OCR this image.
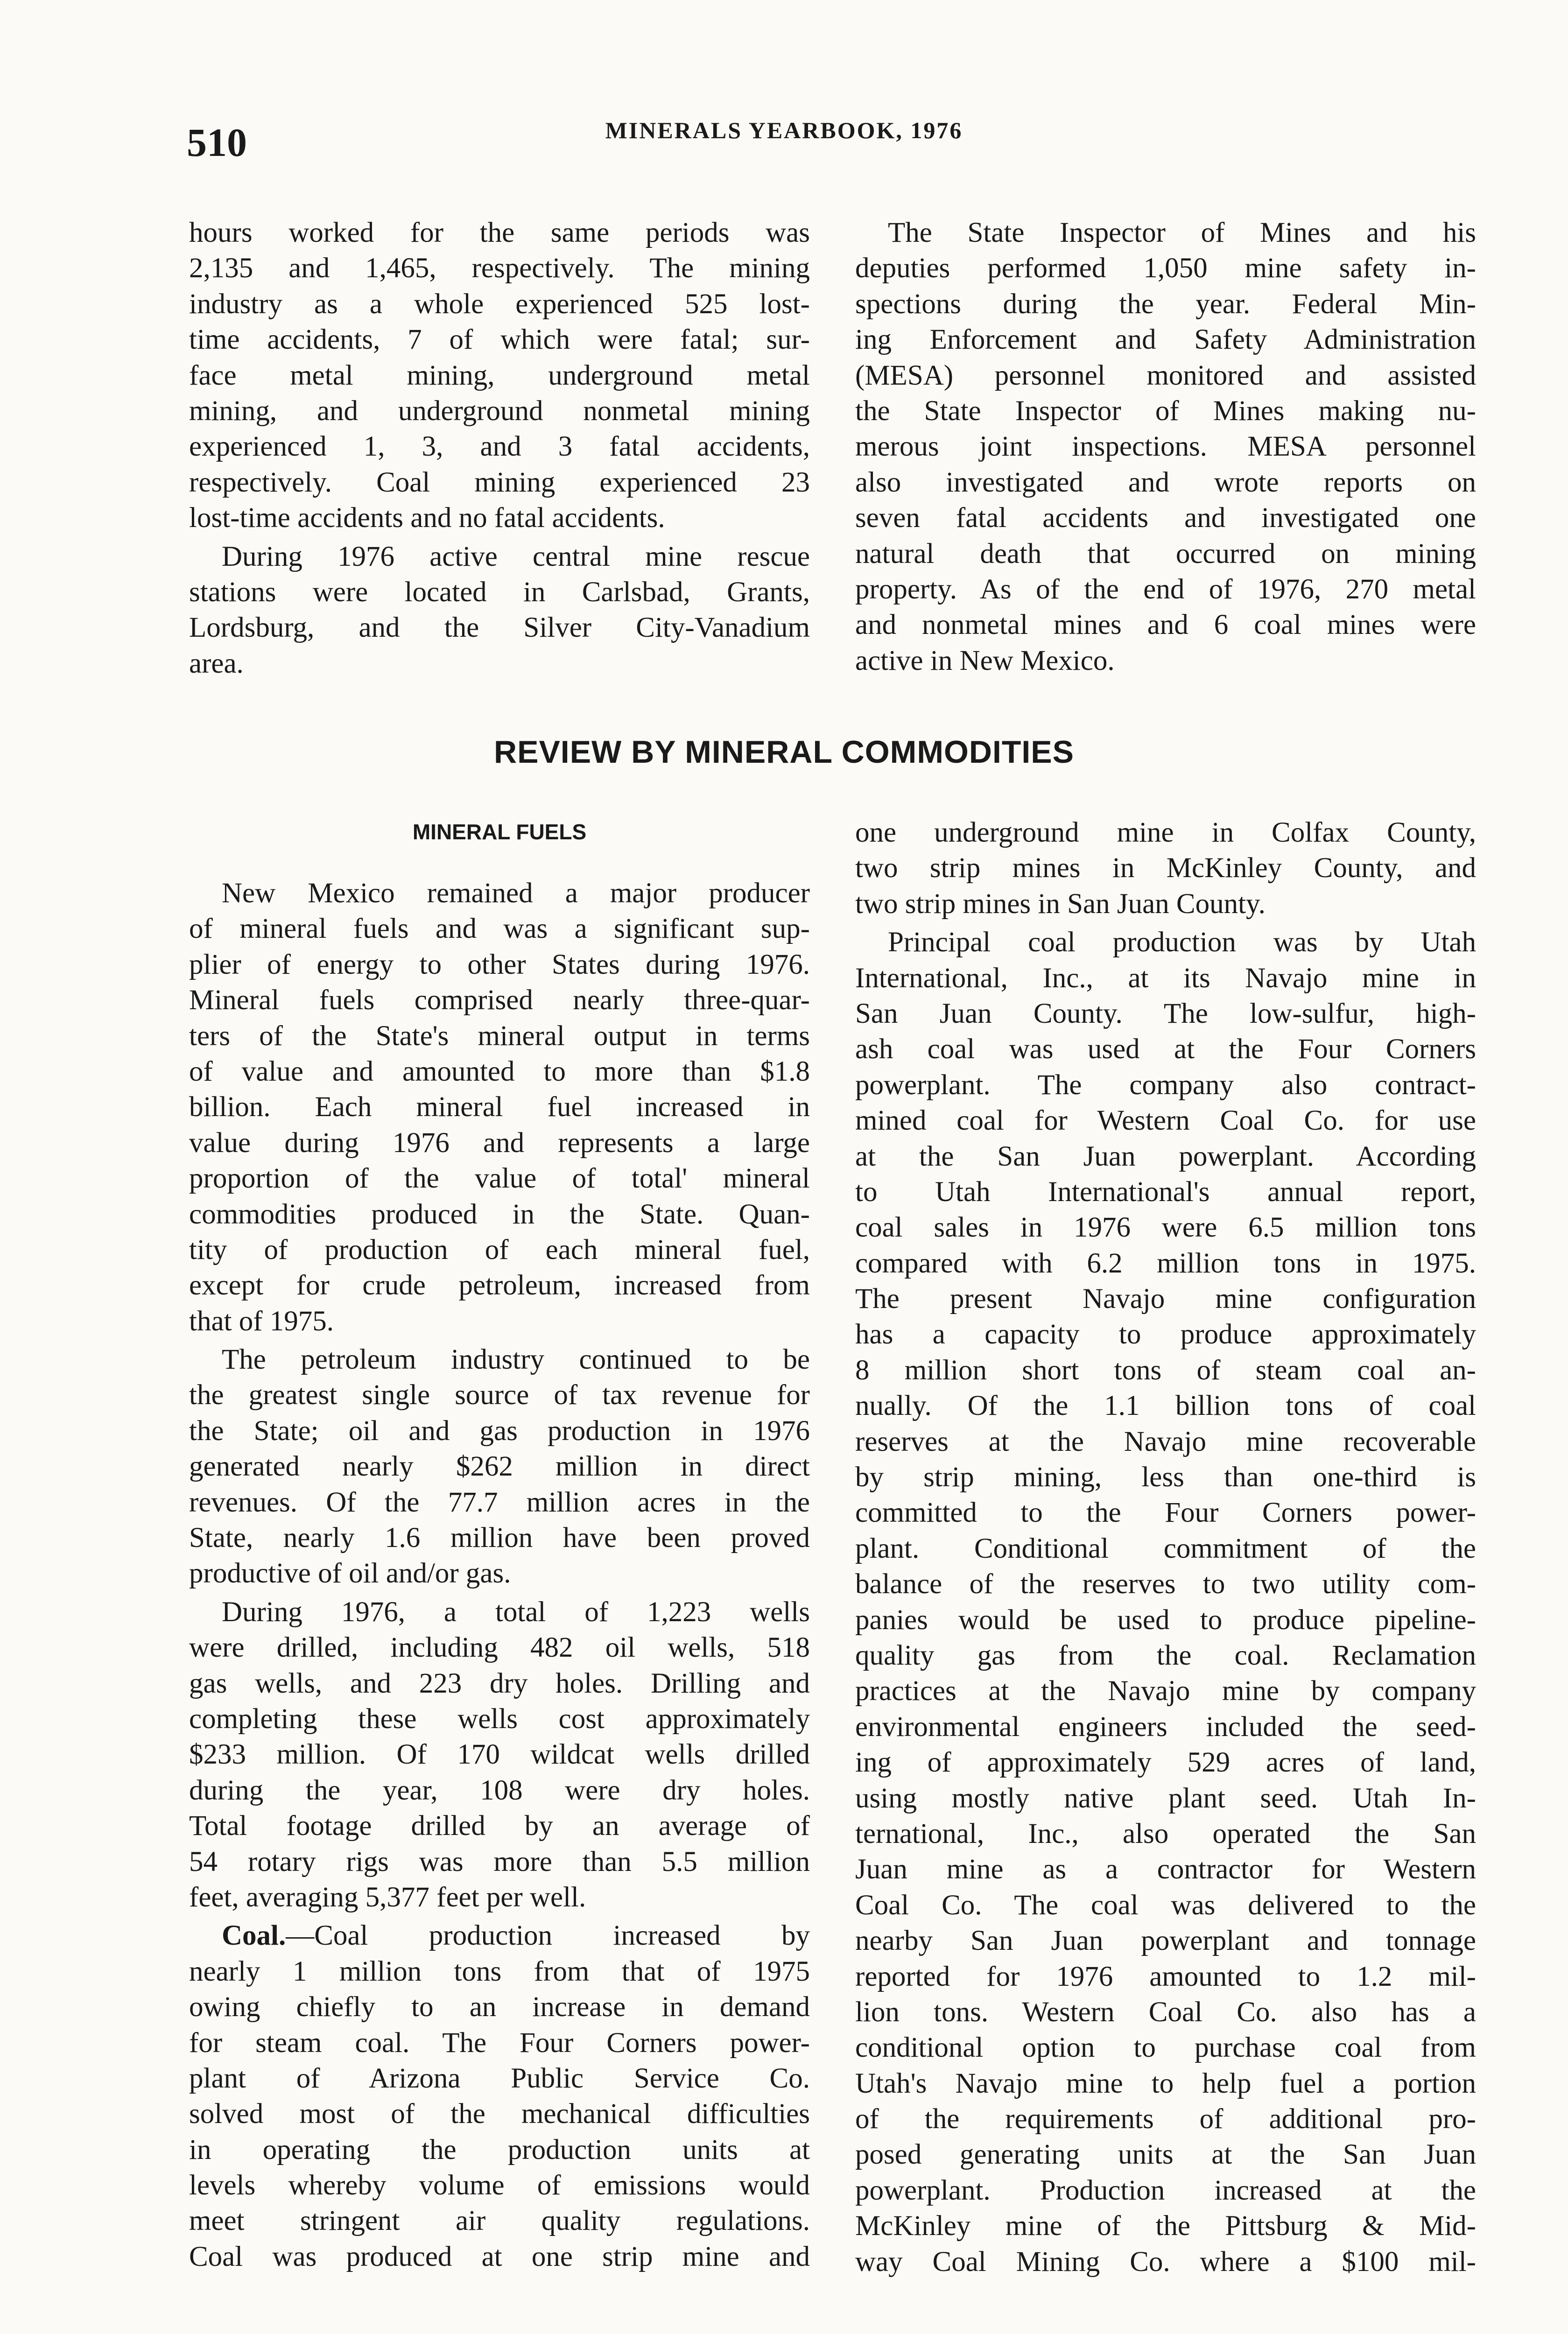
510	MINERALS YEARBOOK, 1976
hours worked for the same periods was
2,135 and 1,465, respectively. The mining
industry as a whole experienced 525 lost-
time accidents, 7 of which were fatal; sur-
face metal mining, underground metal
mining, and underground nonmetal mining
experienced 1, 3, and 3 fatal accidents,
respectively. Coal mining experienced 23
lost-time accidents and no fatal accidents.
During 1976 active central mine rescue
stations were located in Carlsbad, Grants,
Lordsburg, and the Silver City-Vanadium
area.
The State Inspector of Mines and his
deputies performed 1,050 mine safety in-
spections during the year. Federal Min-
ing Enforcement and Safety Administration
(MESA) personnel monitored and assisted
the State Inspector of Mines making nu-
merous joint inspections. MESA personnel
also investigated and wrote reports on
seven fatal accidents and investigated one
natural death that occurred on mining
property. As of the end of 1976, 270 metal
and nonmetal mines and 6 coal mines were
active in New Mexico.
REVIEW BY MINERAL COMMODITIES
MINERAL FUELS
New Mexico remained a major producer
of mineral fuels and was a significant sup-
plier of energy to other States during 1976.
Mineral fuels comprised nearly three-quar-
ters of the State's mineral output in terms
of value and amounted to more than $1.8
billion. Each mineral fuel increased in
value during 1976 and represents a large
proportion of the value of total' mineral
commodities produced in the State. Quan-
tity of production of each mineral fuel,
except for crude petroleum, increased from
that of 1975.
The petroleum industry continued to be
the greatest single source of tax revenue for
the State; oil and gas production in 1976
generated nearly $262 million in direct
revenues. Of the 77.7 million acres in the
State, nearly 1.6 million have been proved
productive of oil and/or gas.
During 1976, a total of 1,223 wells
were drilled, including 482 oil wells, 518
gas wells, and 223 dry holes. Drilling and
completing these wells cost approximately
$233 million. Of 170 wildcat wells drilled
during the year, 108 were dry holes.
Total footage drilled by an average of
54 rotary rigs was more than 5.5 million
feet, averaging 5,377 feet per well.
Coal.—Coal production increased by
nearly 1 million tons from that of 1975
owing chiefly to an increase in demand
for steam coal. The Four Corners power-
plant of Arizona Public Service Co.
solved most of the mechanical difficulties
in operating the production units at
levels whereby volume of emissions would
meet stringent air quality regulations.
Coal was produced at one strip mine and
one underground mine in Colfax County,
two strip mines in McKinley County, and
two strip mines in San Juan County.
Principal coal production was by Utah
International, Inc., at its Navajo mine in
San Juan County. The low-sulfur, high-
ash coal was used at the Four Corners
powerplant. The company also contract-
mined coal for Western Coal Co. for use
at the San Juan powerplant. According
to Utah International's annual report,
coal sales in 1976 were 6.5 million tons
compared with 6.2 million tons in 1975.
The present Navajo mine configuration
has a capacity to produce approximately
8 million short tons of steam coal an-
nually. Of the 1.1 billion tons of coal
reserves at the Navajo mine recoverable
by strip mining, less than one-third is
committed to the Four Corners power-
plant. Conditional commitment of the
balance of the reserves to two utility com-
panies would be used to produce pipeline-
quality gas from the coal. Reclamation
practices at the Navajo mine by company
environmental engineers included the seed-
ing of approximately 529 acres of land,
using mostly native plant seed. Utah In-
ternational, Inc., also operated the San
Juan mine as a contractor for Western
Coal Co. The coal was delivered to the
nearby San Juan powerplant and tonnage
reported for 1976 amounted to 1.2 mil-
lion tons. Western Coal Co. also has a
conditional option to purchase coal from
Utah's Navajo mine to help fuel a portion
of the requirements of additional pro-
posed generating units at the San Juan
powerplant. Production increased at the
McKinley mine of the Pittsburg & Mid-
way Coal Mining Co. where a $100 mil-
